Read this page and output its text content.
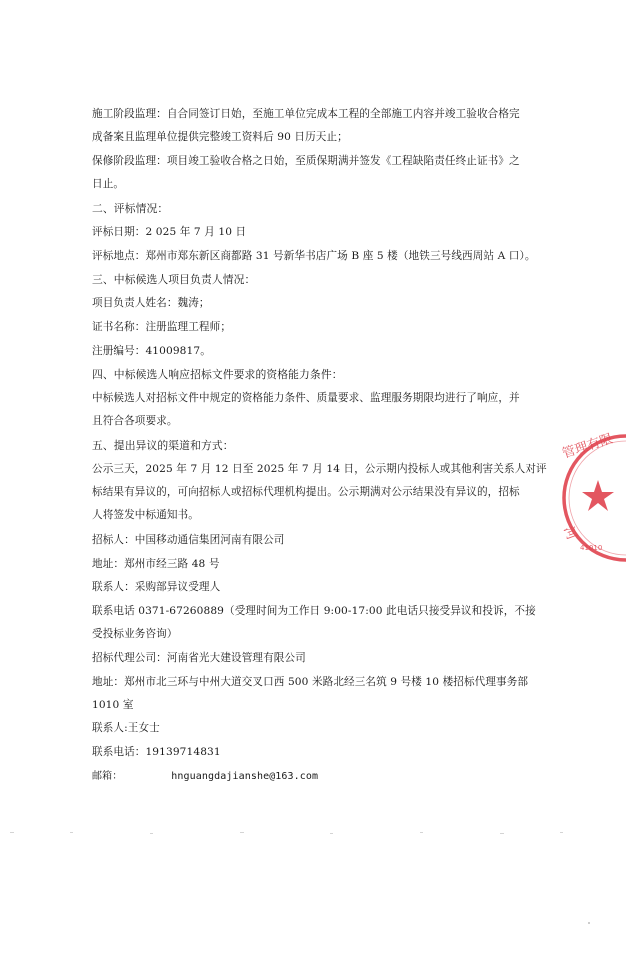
施工阶段监理：自合同签订日始，至施工单位完成本工程的全部施工内容并竣工验收合格完
成备案且监理单位提供完整竣工资料后 90 日历天止；
保修阶段监理：项目竣工验收合格之日始，至质保期满并签发《工程缺陷责任终止证书》之
日止。
二、评标情况：
评标日期：2 025 年 7 月 10 日
评标地点：郑州市郑东新区商都路 31 号新华书店广场 B 座 5 楼（地铁三号线西周站 A 口）。
三、中标候选人项目负责人情况：
项目负责人姓名：魏涛；
证书名称：注册监理工程师；
注册编号：41009817。
四、中标候选人响应招标文件要求的资格能力条件：
中标候选人对招标文件中规定的资格能力条件、质量要求、监理服务期限均进行了响应，并
且符合各项要求。
五、提出异议的渠道和方式：
公示三天，2025 年 7 月 12 日至 2025 年 7 月 14 日，公示期内投标人或其他利害关系人对评
标结果有异议的，可向招标人或招标代理机构提出。公示期满对公示结果没有异议的，招标
人将签发中标通知书。
招标人：中国移动通信集团河南有限公司
地址：郑州市经三路 48 号
联系人：采购部异议受理人
联系电话 0371-67260889（受理时间为工作日 9:00-17:00 此电话只接受异议和投诉，不接
受投标业务咨询）
招标代理公司：河南省光大建设管理有限公司
地址：郑州市北三环与中州大道交叉口西 500 米路北经三名筑 9 号楼 10 楼招标代理事务部
1010 室
联系人:王女士
联系电话：19139714831
邮箱：        hnguangdajianshe@163.com
管理有限
河
41010
